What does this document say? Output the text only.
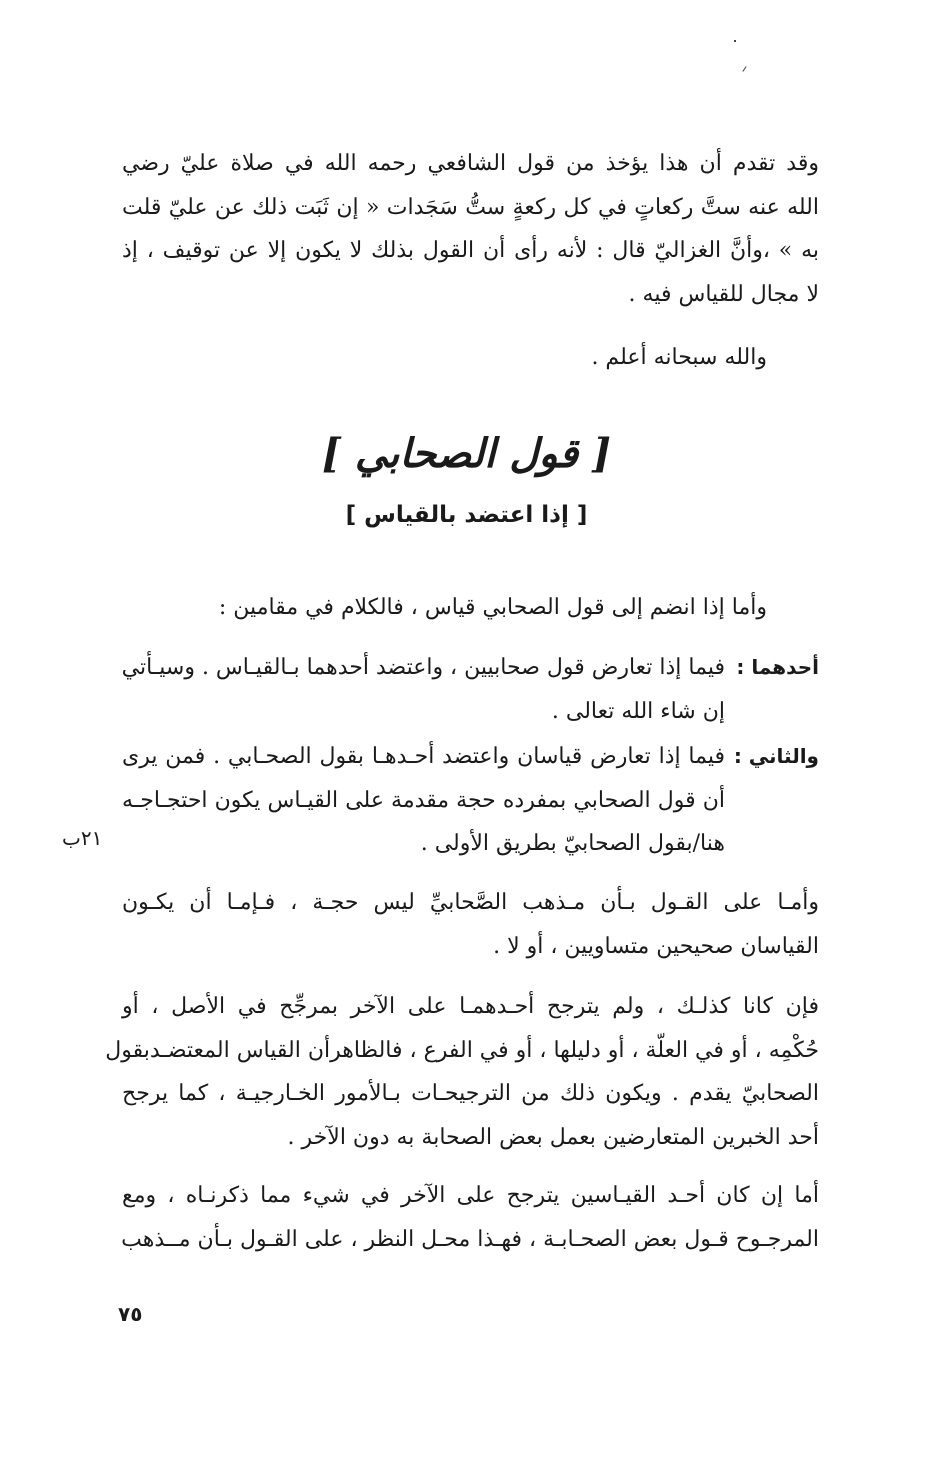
وقد تقدم أن هذا يؤخذ من قول الشافعي رحمه الله في صلاة عليّ رضي
الله عنه ستَّ ركعاتٍ في كل ركعةٍ ستُّ سَجَدات « إن ثَبَت ذلك عن عليّ قلت
به » ،وأنَّ الغزاليّ قال : لأنه رأى أن القول بذلك لا يكون إلا عن توقيف ، إذ
لا مجال للقياس فيه .
والله سبحانه أعلم .
[ قول الصحابي ]
[ إذا اعتضد بالقياس ]
وأما إذا انضم إلى قول الصحابي قياس ، فالكلام في مقامين :
أحدهما :
فيما إذا تعارض قول صحابيين ، واعتضد أحدهما بـالقيـاس . وسيـأتي
إن شاء الله تعالى .
والثاني :
فيما إذا تعارض قياسان واعتضد أحـدهـا بقول الصحـابي . فمن يرى
أن قول الصحابي بمفرده حجة مقدمة على القيـاس يكون احتجـاجـه
هنا/بقول الصحابيّ بطريق الأولى .
٢١ب
وأمـا على القـول بـأن مـذهب الصَّحابيِّ ليس حجـة ، فـإمـا أن يكـون
القياسان صحيحين متساويين ، أو لا .
فإن كانا كذلـك ، ولم يترجح أحـدهمـا على الآخر بمرجِّح في الأصل ، أو
حُكْمِه ، أو في العلّة ، أو دليلها ، أو في الفرع ، فالظاهرأن القياس المعتضـدبقول
الصحابيّ يقدم . ويكون ذلك من الترجيحـات بـالأمور الخـارجيـة ، كما يرجح
أحد الخبرين المتعارضين بعمل بعض الصحابة به دون الآخر .
أما إن كان أحـد القيـاسين يترجح على الآخر في شيء مما ذكرنـاه ، ومع
المرجـوح قـول بعض الصحـابـة ، فهـذا محـل النظر ، على القـول بـأن مــذهب
٧٥
